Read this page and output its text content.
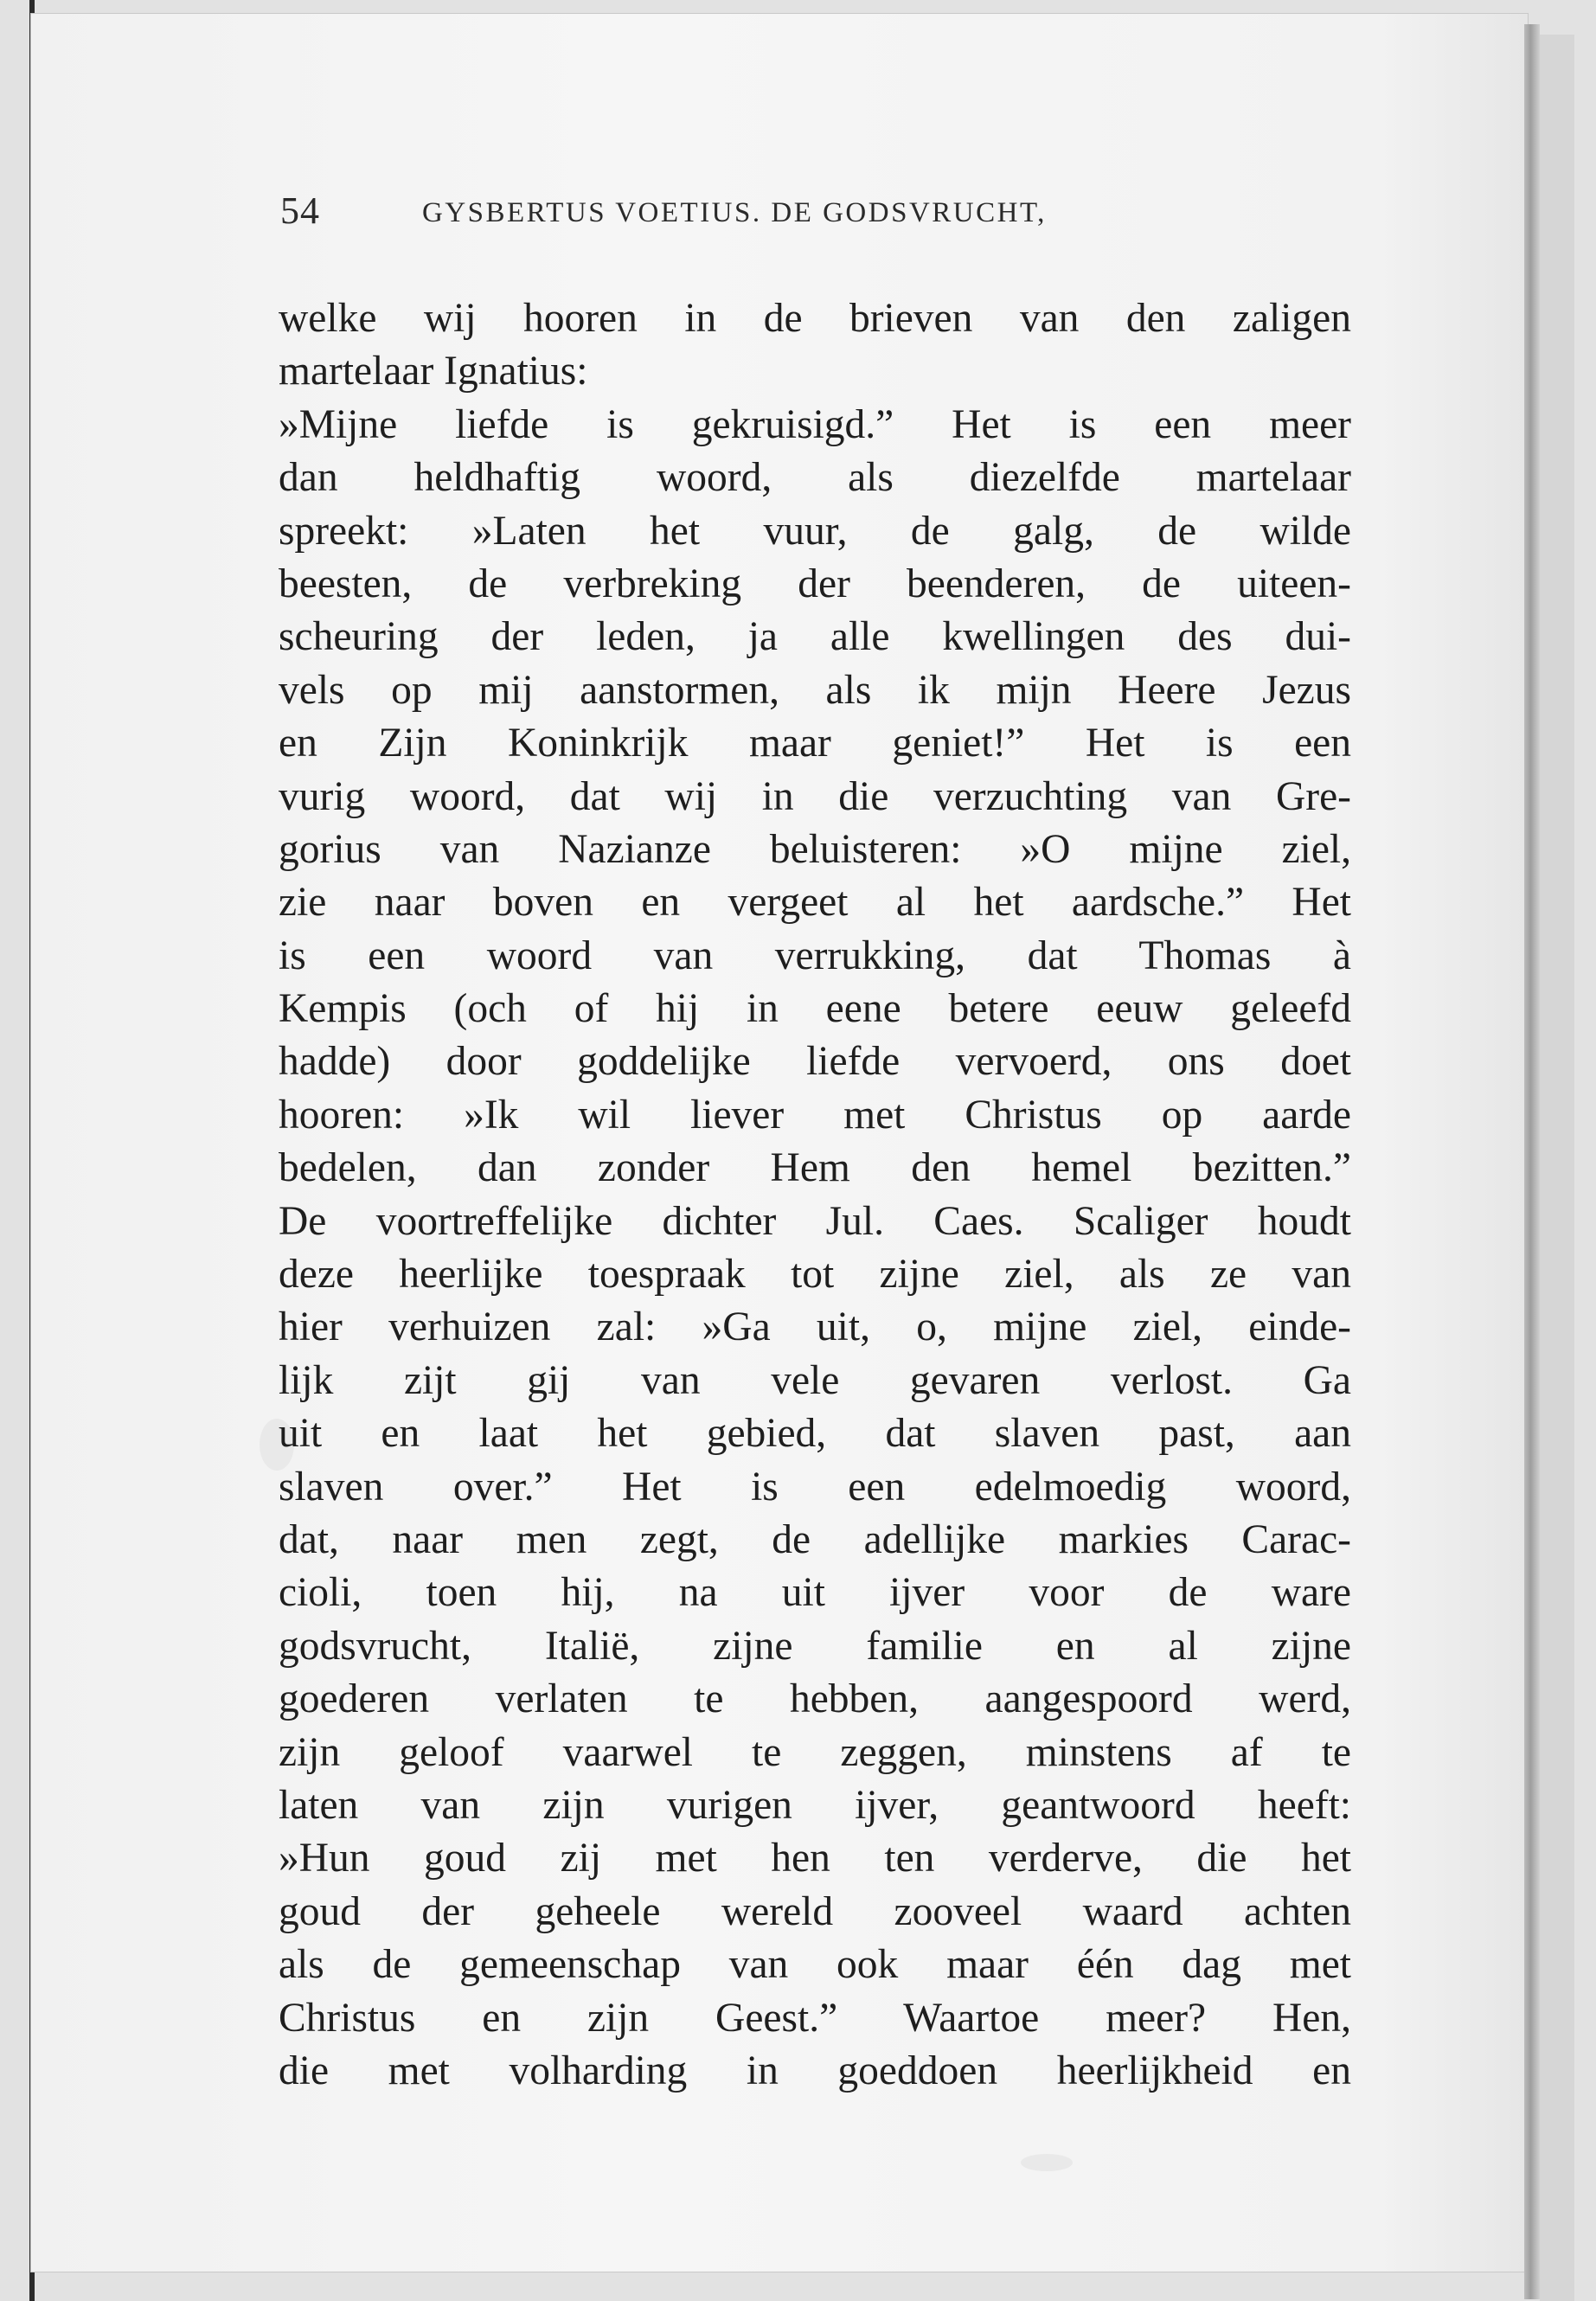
54	GYSBERTUS VOETIUS. DE GODSVRUCHT,
welke wij hooren in de brieven van den zaligen
martelaar Ignatius:
»Mijne liefde is gekruisigd.” Het is een meer
dan heldhaftig woord, als diezelfde martelaar
spreekt: »Laten het vuur, de galg, de wilde
beesten, de verbreking der beenderen, de uiteen-
scheuring der leden, ja alle kwellingen des dui-
vels op mij aanstormen, als ik mijn Heere Jezus
en Zijn Koninkrijk maar geniet!” Het is een
vurig woord, dat wij in die verzuchting van Gre-
gorius van Nazianze beluisteren: »O mijne ziel,
zie naar boven en vergeet al het aardsche.” Het
is een woord van verrukking, dat Thomas à
Kempis (och of hij in eene betere eeuw geleefd
hadde) door goddelijke liefde vervoerd, ons doet
hooren: »Ik wil liever met Christus op aarde
bedelen, dan zonder Hem den hemel bezitten.”
De voortreffelijke dichter Jul. Caes. Scaliger houdt
deze heerlijke toespraak tot zijne ziel, als ze van
hier verhuizen zal: »Ga uit, o, mijne ziel, einde-
lijk zijt gij van vele gevaren verlost. Ga
uit en laat het gebied, dat slaven past, aan
slaven over.” Het is een edelmoedig woord,
dat, naar men zegt, de adellijke markies Carac-
cioli, toen hij, na uit ijver voor de ware
godsvrucht, Italië, zijne familie en al zijne
goederen verlaten te hebben, aangespoord werd,
zijn geloof vaarwel te zeggen, minstens af te
laten van zijn vurigen ijver, geantwoord heeft:
»Hun goud zij met hen ten verderve, die het
goud der geheele wereld zooveel waard achten
als de gemeenschap van ook maar één dag met
Christus en zijn Geest.” Waartoe meer? Hen,
die met volharding in goeddoen heerlijkheid en
